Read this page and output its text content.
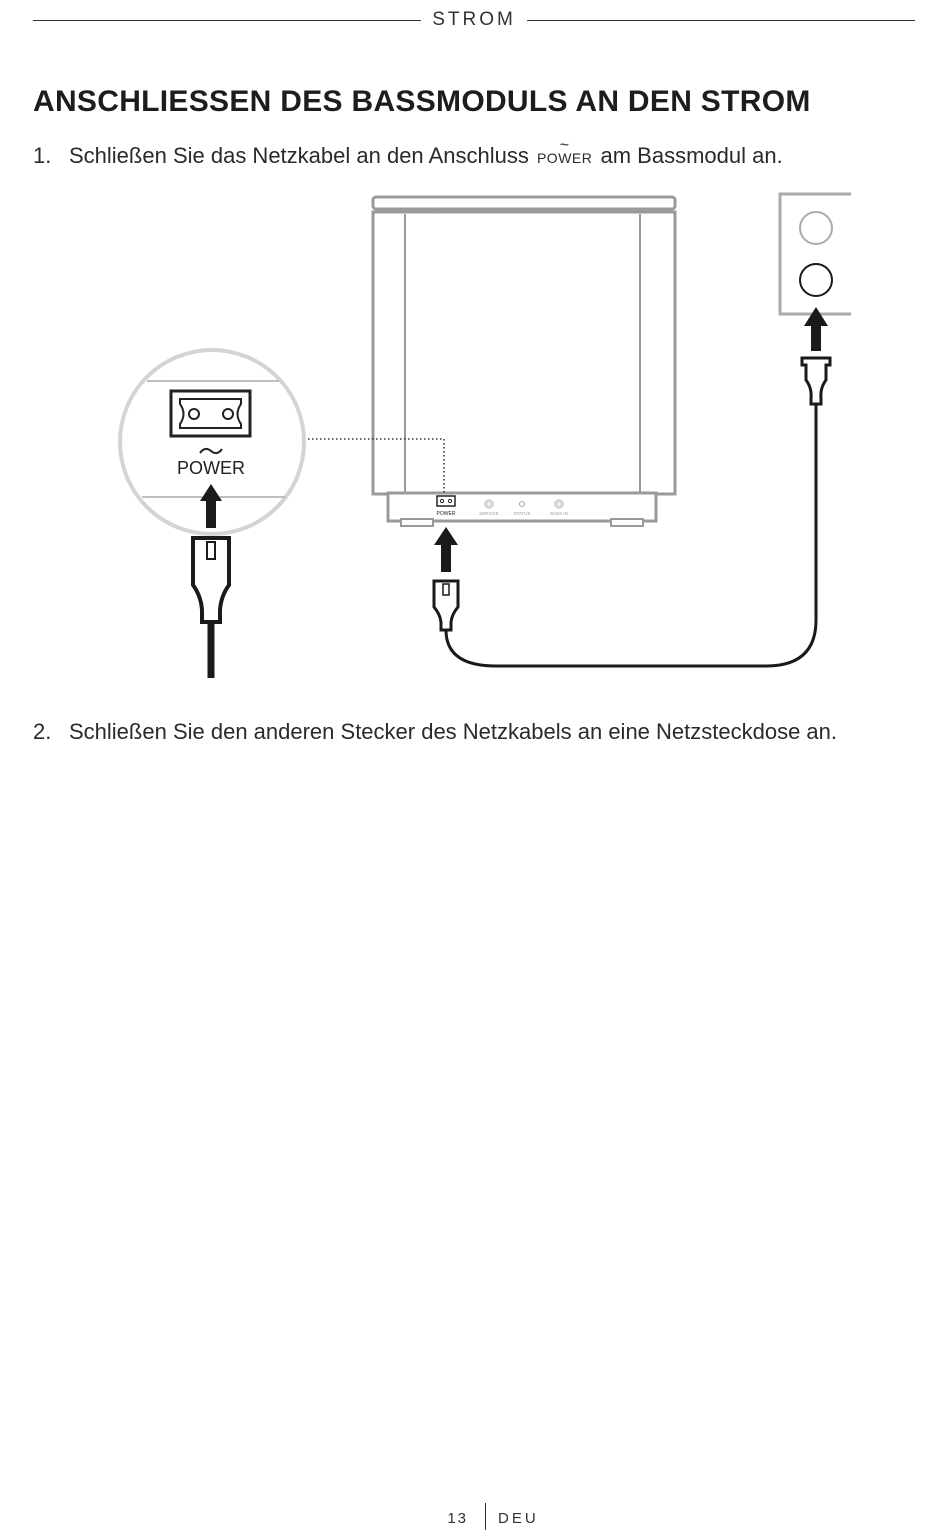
STROM
ANSCHLIESSEN DES BASSMODULS AN DEN STROM
1. Schließen Sie das Netzkabel an den Anschluss	~
POWER am Bassmodul an.
POWER	SERVICE	STATUS	BASS IN
POWER
2. Schließen Sie den anderen Stecker des Netzkabels an eine Netzsteckdose an.
13 DEU
